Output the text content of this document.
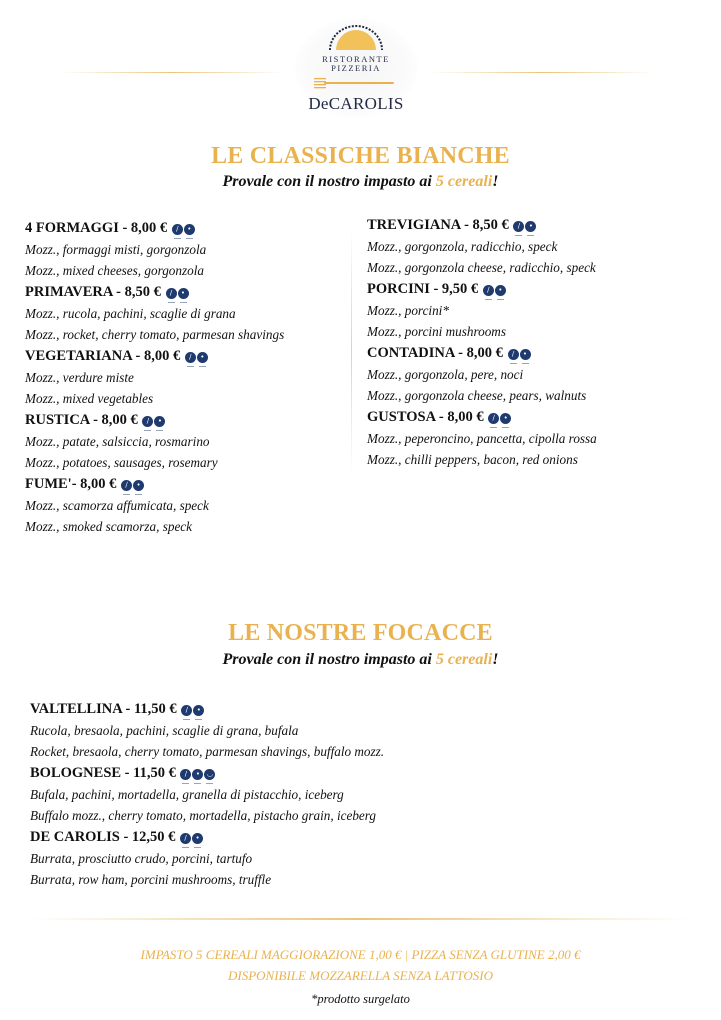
RISTORANTE
PIZZERIA
DeCAROLIS
LE CLASSICHE BIANCHE
Provale con il nostro impasto ai 5 cereali!
4 FORMAGGI - 8,00 € ∕ •
Mozz., formaggi misti, gorgonzola
Mozz., mixed cheeses, gorgonzola
PRIMAVERA - 8,50 € ∕ •
Mozz., rucola, pachini, scaglie di grana
Mozz., rocket, cherry tomato, parmesan shavings
VEGETARIANA - 8,00 € ∕ •
Mozz., verdure miste
Mozz., mixed vegetables
RUSTICA - 8,00 € ∕ •
Mozz., patate, salsiccia, rosmarino
Mozz., potatoes, sausages, rosemary
FUME'- 8,00 € ∕ •
Mozz., scamorza affumicata, speck
Mozz., smoked scamorza, speck
TREVIGIANA - 8,50 € ∕ •
Mozz., gorgonzola, radicchio, speck
Mozz., gorgonzola cheese, radicchio, speck
PORCINI - 9,50 € ∕ •
Mozz., porcini*
Mozz., porcini mushrooms
CONTADINA - 8,00 € ∕ •
Mozz., gorgonzola, pere, noci
Mozz., gorgonzola cheese, pears, walnuts
GUSTOSA - 8,00 € ∕ •
Mozz., peperoncino, pancetta, cipolla rossa
Mozz., chilli peppers, bacon, red onions
LE NOSTRE FOCACCE
Provale con il nostro impasto ai 5 cereali!
VALTELLINA - 11,50 € ∕ •
Rucola, bresaola, pachini, scaglie di grana, bufala
Rocket, bresaola, cherry tomato, parmesan shavings, buffalo mozz.
BOLOGNESE - 11,50 € ∕ • ◡
Bufala, pachini, mortadella, granella di pistacchio, iceberg
Buffalo mozz., cherry tomato, mortadella, pistacho grain, iceberg
DE CAROLIS - 12,50 € ∕ •
Burrata, prosciutto crudo, porcini, tartufo
Burrata, row ham, porcini mushrooms, truffle
IMPASTO 5 CEREALI MAGGIORAZIONE 1,00 € | PIZZA SENZA GLUTINE 2,00 €
DISPONIBILE MOZZARELLA SENZA LATTOSIO
*prodotto surgelato
